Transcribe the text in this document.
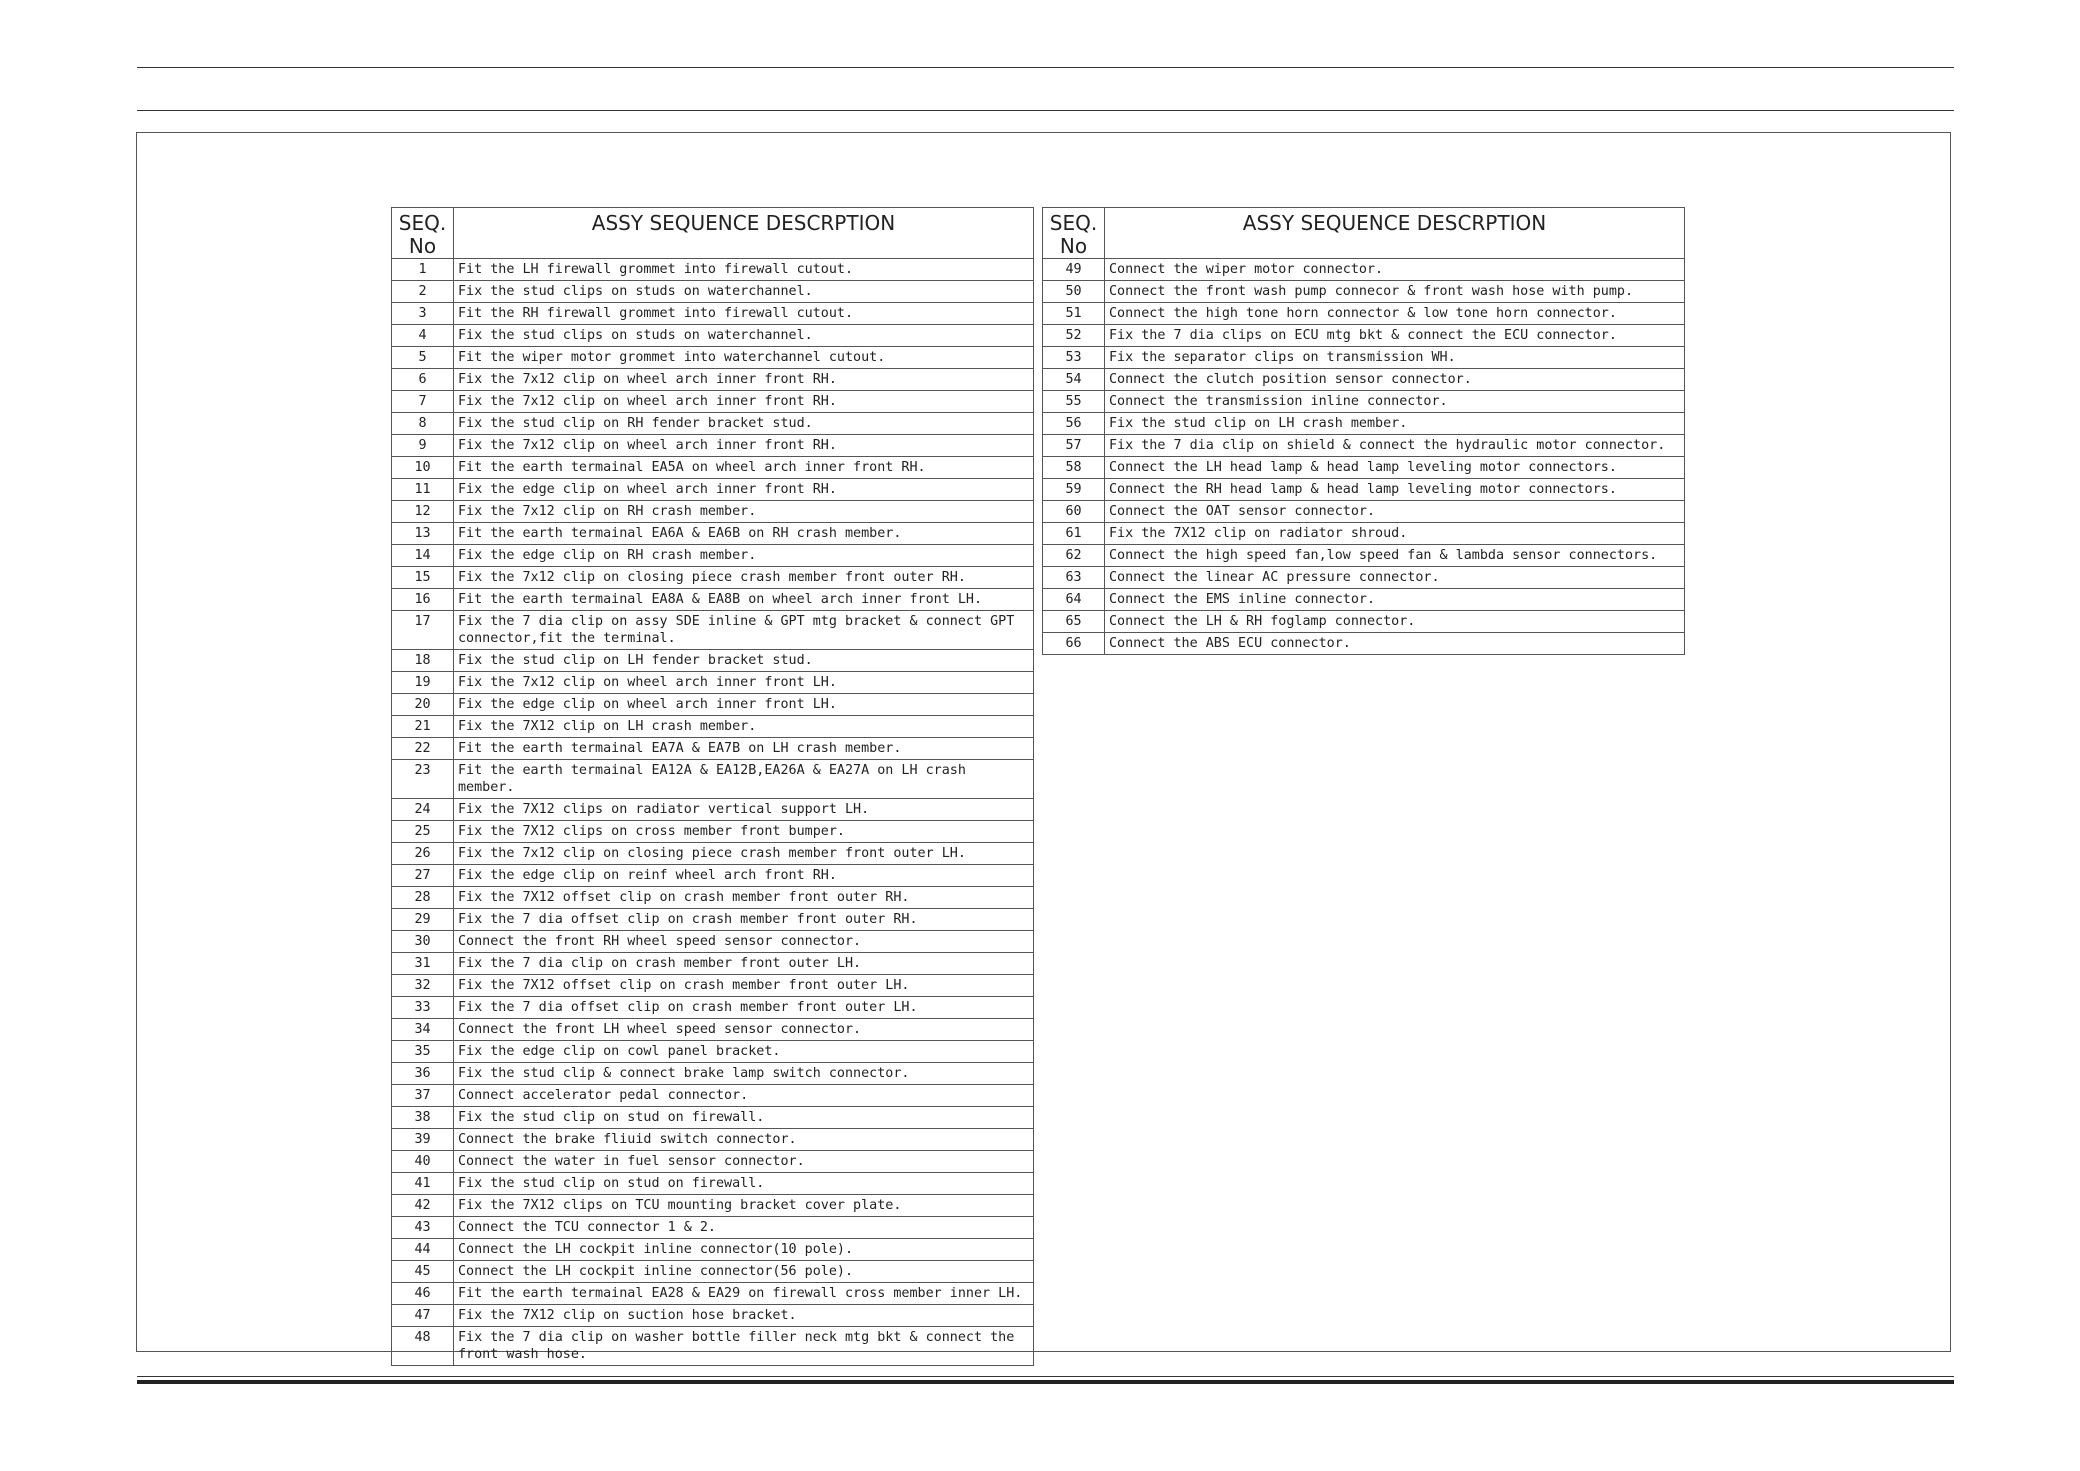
SEQ.
No	ASSY SEQUENCE DESCRPTION
1	Fit the LH firewall grommet into firewall cutout.
2	Fix the stud clips on studs on waterchannel.
3	Fit the RH firewall grommet into firewall cutout.
4	Fix the stud clips on studs on waterchannel.
5	Fit the wiper motor grommet into waterchannel cutout.
6	Fix the 7x12 clip on wheel arch inner front RH.
7	Fix the 7x12 clip on wheel arch inner front RH.
8	Fix the stud clip on RH fender bracket stud.
9	Fix the 7x12 clip on wheel arch inner front RH.
10	Fit the earth termainal EA5A on wheel arch inner front RH.
11	Fix the edge clip on wheel arch inner front RH.
12	Fix the 7x12 clip on RH crash member.
13	Fit the earth termainal EA6A & EA6B on RH crash member.
14	Fix the edge clip on RH crash member.
15	Fix the 7x12 clip on closing piece crash member front outer RH.
16	Fit the earth termainal EA8A & EA8B on wheel arch inner front LH.
17	Fix the 7 dia clip on assy SDE inline & GPT mtg bracket & connect GPT connector,fit the terminal.
18	Fix the stud clip on LH fender bracket stud.
19	Fix the 7x12 clip on wheel arch inner front LH.
20	Fix the edge clip on wheel arch inner front LH.
21	Fix the 7X12 clip on LH crash member.
22	Fit the earth termainal EA7A & EA7B on LH crash member.
23	Fit the earth termainal EA12A & EA12B,EA26A & EA27A on LH crash member.
24	Fix the 7X12 clips on radiator vertical support LH.
25	Fix the 7X12 clips on cross member front bumper.
26	Fix the 7x12 clip on closing piece crash member front outer LH.
27	Fix the edge clip on reinf wheel arch front RH.
28	Fix the 7X12 offset clip on crash member front outer RH.
29	Fix the 7 dia offset clip on crash member front outer RH.
30	Connect the front RH wheel speed sensor connector.
31	Fix the 7 dia clip on crash member front outer LH.
32	Fix the 7X12 offset clip on crash member front outer LH.
33	Fix the 7 dia offset clip on crash member front outer LH.
34	Connect the front LH wheel speed sensor connector.
35	Fix the edge clip on cowl panel bracket.
36	Fix the stud clip & connect brake lamp switch connector.
37	Connect accelerator pedal connector.
38	Fix the stud clip on stud on firewall.
39	Connect the brake fliuid switch connector.
40	Connect the water in fuel sensor connector.
41	Fix the stud clip on stud on firewall.
42	Fix the 7X12 clips on TCU mounting bracket cover plate.
43	Connect the TCU connector 1 & 2.
44	Connect the LH cockpit inline connector(10 pole).
45	Connect the LH cockpit inline connector(56 pole).
46	Fit the earth termainal EA28 & EA29 on firewall cross member inner LH.
47	Fix the 7X12 clip on suction hose bracket.
48	Fix the 7 dia clip on washer bottle filler neck mtg bkt & connect the front wash hose.
SEQ.
No	ASSY SEQUENCE DESCRPTION
49	Connect the wiper motor connector.
50	Connect the front wash pump connecor & front wash hose with pump.
51	Connect the high tone horn connector & low tone horn connector.
52	Fix the 7 dia clips on ECU mtg bkt & connect the ECU connector.
53	Fix the separator clips on transmission WH.
54	Connect the clutch position sensor connector.
55	Connect the transmission inline connector.
56	Fix the stud clip on LH crash member.
57	Fix the 7 dia clip on shield & connect the hydraulic motor connector.
58	Connect the LH head lamp & head lamp leveling motor connectors.
59	Connect the RH head lamp & head lamp leveling motor connectors.
60	Connect the OAT sensor connector.
61	Fix the 7X12 clip on radiator shroud.
62	Connect the high speed fan,low speed fan & lambda sensor connectors.
63	Connect the linear AC pressure connector.
64	Connect the EMS inline connector.
65	Connect the LH & RH foglamp connector.
66	Connect the ABS ECU connector.
